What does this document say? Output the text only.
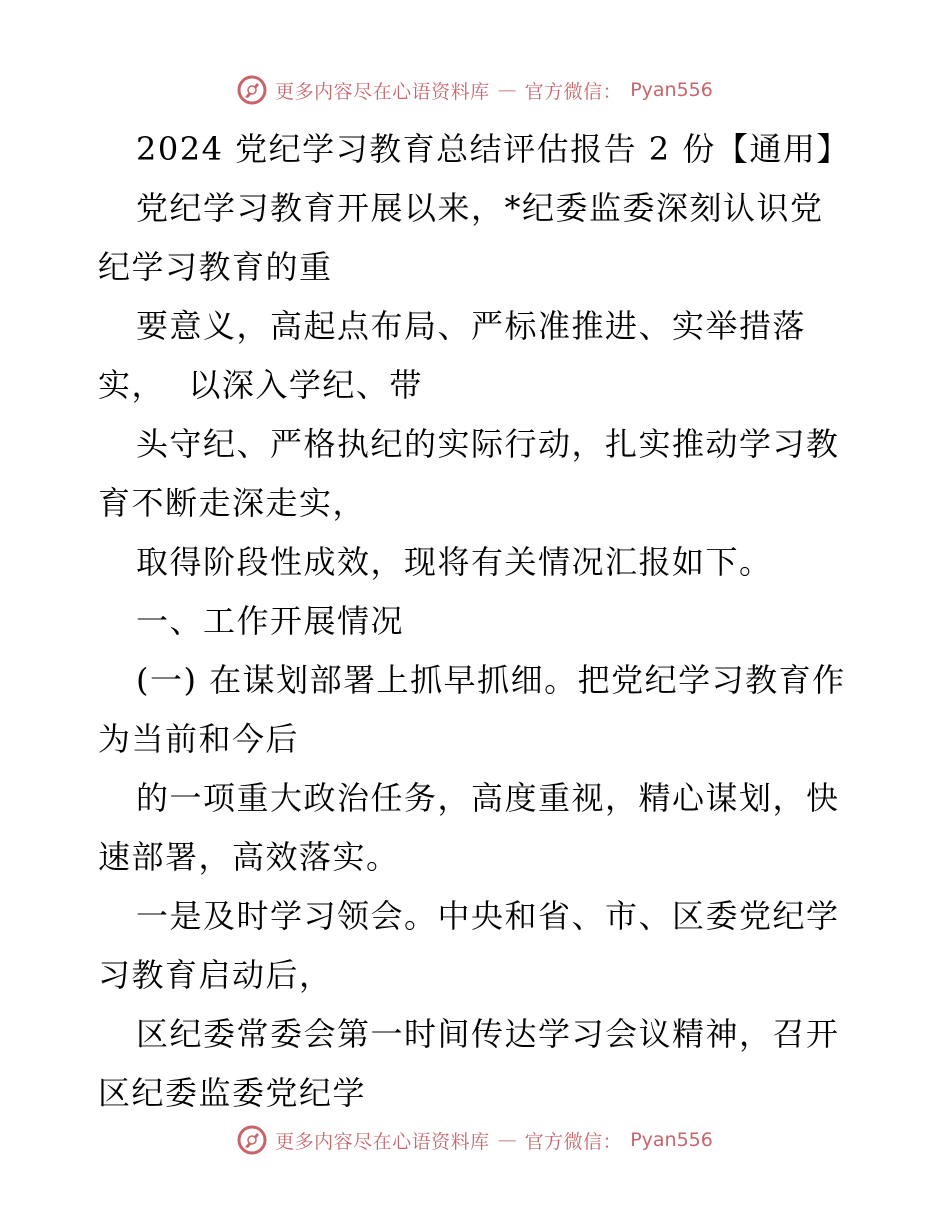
更多内容尽在心语资料库 — 官方微信： Pyan556
2024 党纪学习教育总结评估报告 2 份【通用】
党纪学习教育开展以来，*纪委监委深刻认识党
纪学习教育的重
要意义，高起点布局、严标准推进、实举措落
实，  以深入学纪、带
头守纪、严格执纪的实际行动，扎实推动学习教
育不断走深走实，
取得阶段性成效，现将有关情况汇报如下。
一、工作开展情况
(一) 在谋划部署上抓早抓细。把党纪学习教育作
为当前和今后
的一项重大政治任务，高度重视，精心谋划，快
速部署，高效落实。
一是及时学习领会。中央和省、市、区委党纪学
习教育启动后，
区纪委常委会第一时间传达学习会议精神，召开
区纪委监委党纪学
更多内容尽在心语资料库 — 官方微信： Pyan556
